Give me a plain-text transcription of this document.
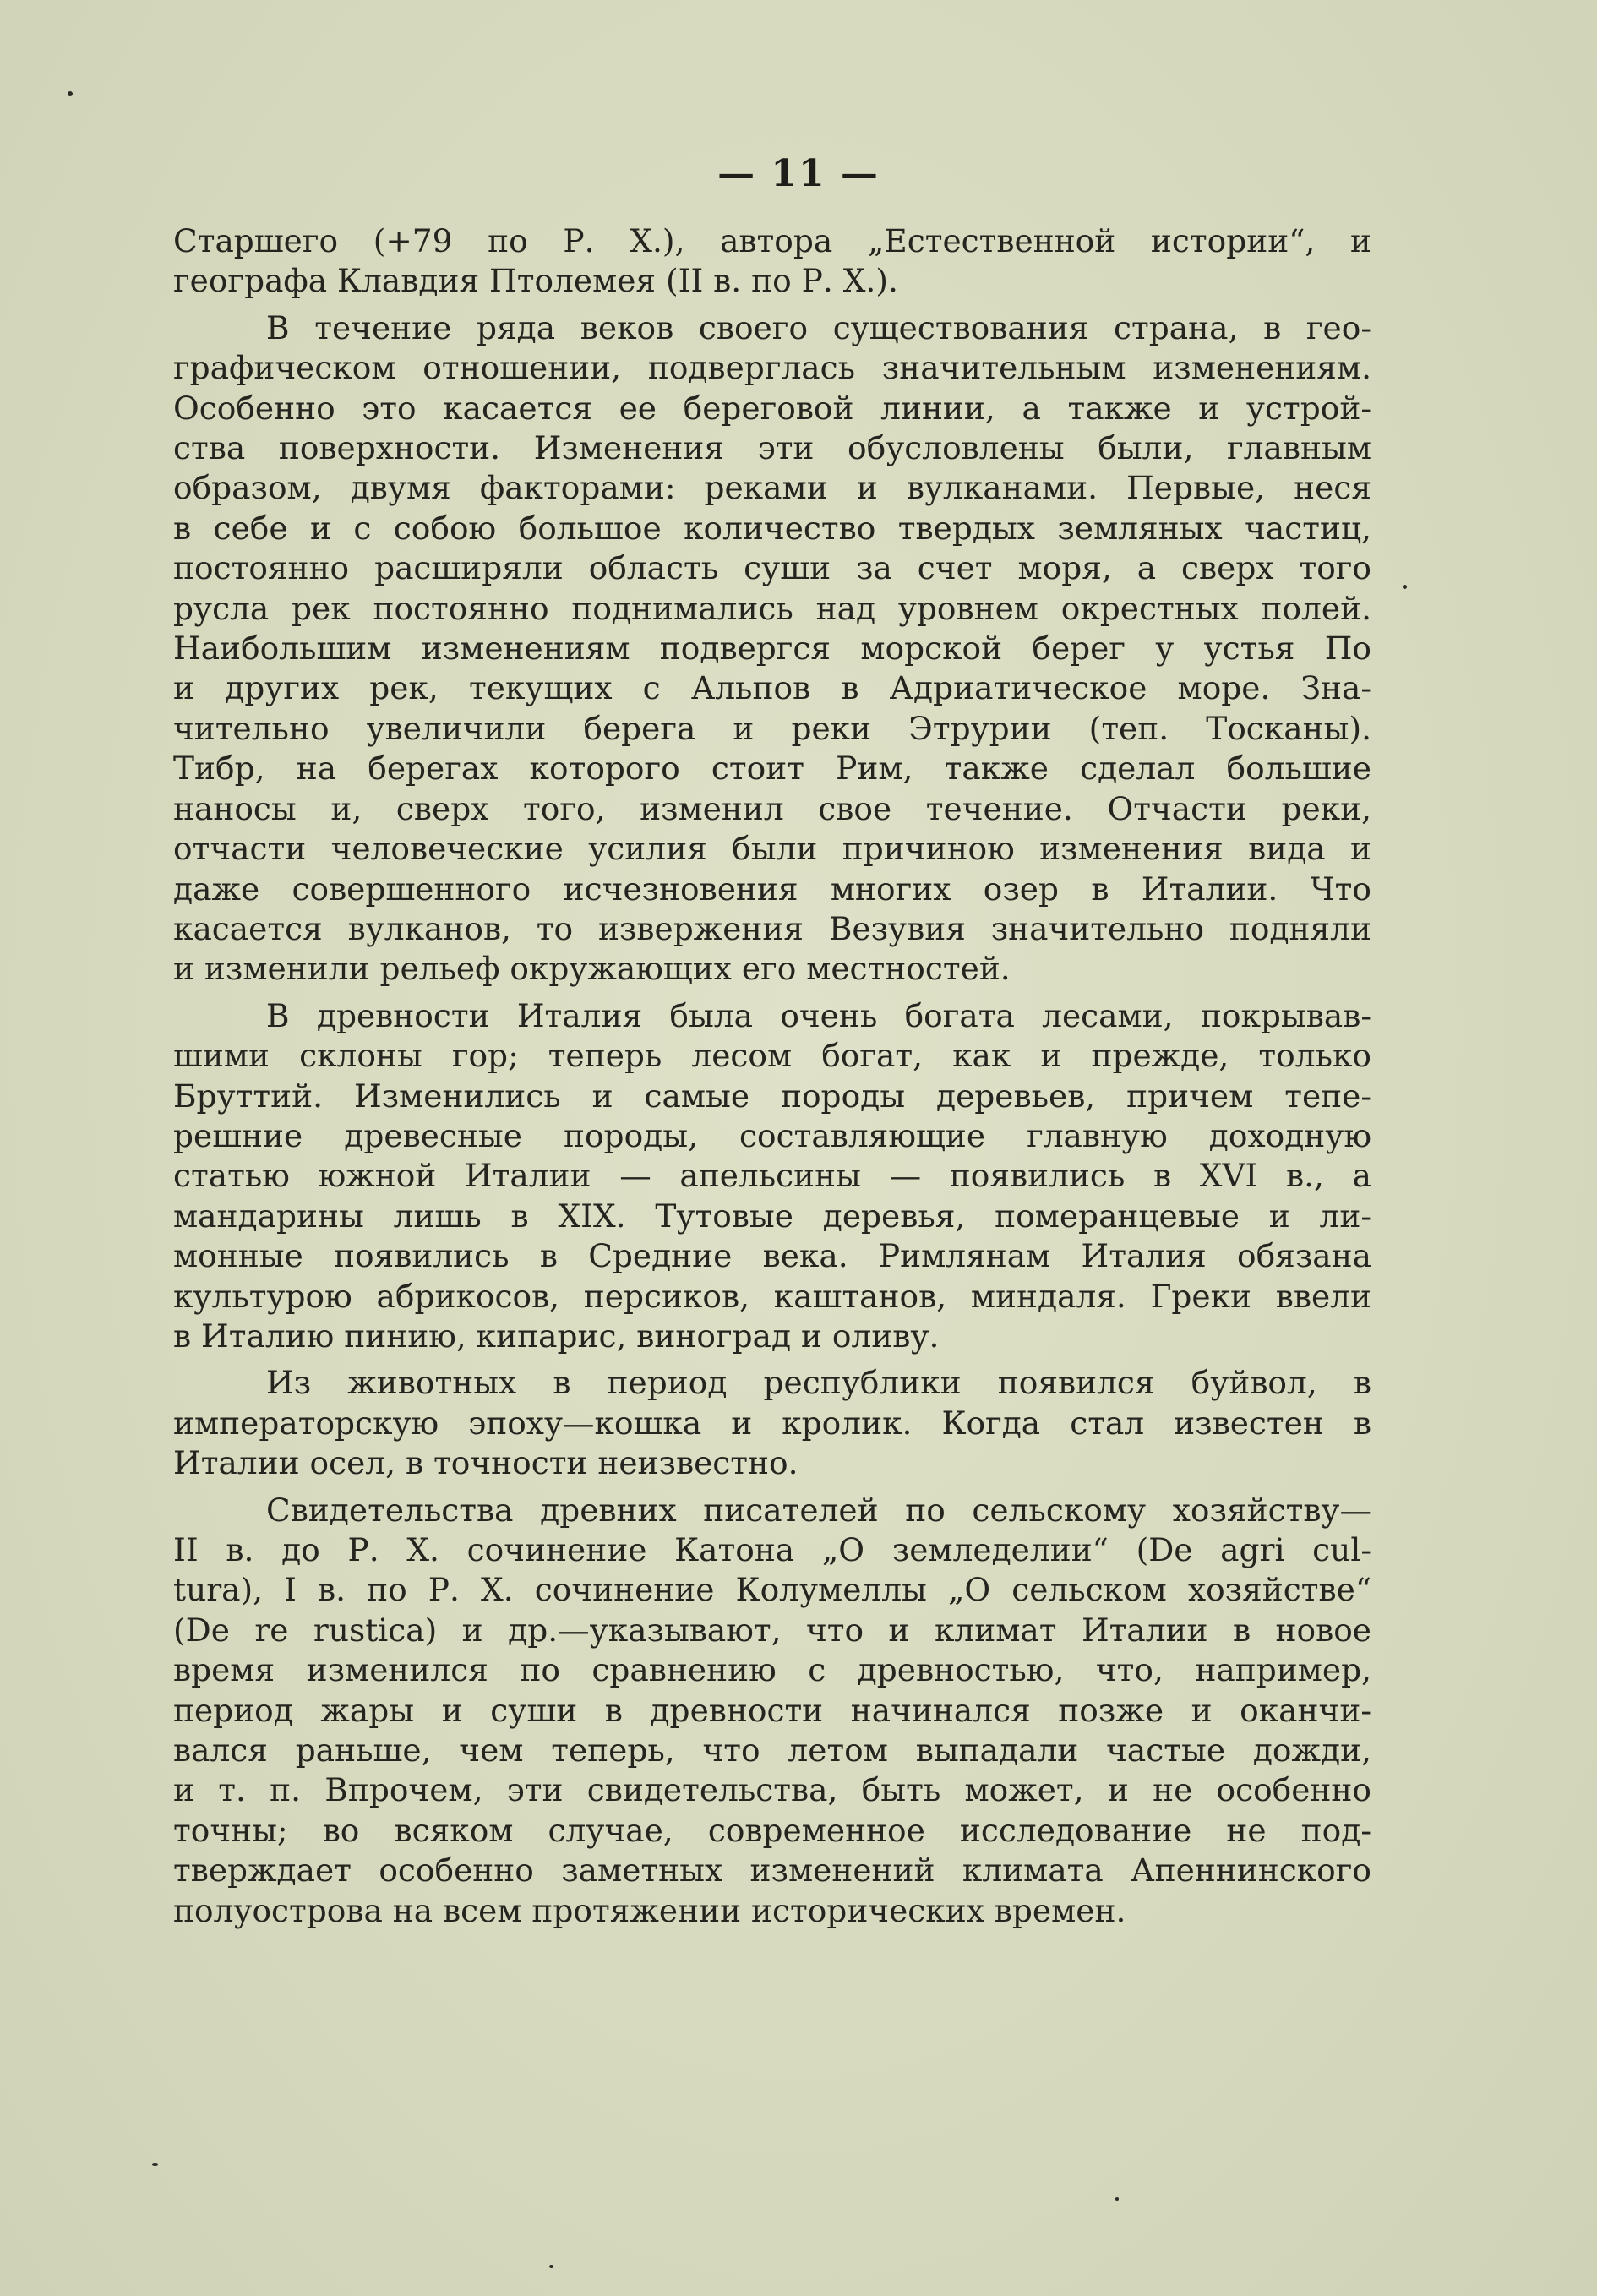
— 11 —
Старшего (+79 по Р. Х.), автора „Естественной истории“, и
географа Клавдия Птолемея (II в. по Р. Х.).
В течение ряда веков своего существования страна, в гео-
графическом отношении, подверглась значительным изменениям.
Особенно это касается ее береговой линии, а также и устрой-
ства поверхности. Изменения эти обусловлены были, главным
образом, двумя факторами: реками и вулканами. Первые, неся
в себе и с собою большое количество твердых земляных частиц,
постоянно расширяли область суши за счет моря, а сверх того
русла рек постоянно поднимались над уровнем окрестных полей.
Наибольшим изменениям подвергся морской берег у устья По
и других рек, текущих с Альпов в Адриатическое море. Зна-
чительно увеличили берега и реки Этрурии (теп. Тосканы).
Тибр, на берегах которого стоит Рим, также сделал большие
наносы и, сверх того, изменил свое течение. Отчасти реки,
отчасти человеческие усилия были причиною изменения вида и
даже совершенного исчезновения многих озер в Италии. Что
касается вулканов, то извержения Везувия значительно подняли
и изменили рельеф окружающих его местностей.
В древности Италия была очень богата лесами, покрывав-
шими склоны гор; теперь лесом богат, как и прежде, только
Бруттий. Изменились и самые породы деревьев, причем тепе-
решние древесные породы, составляющие главную доходную
статью южной Италии — апельсины — появились в XVI в., а
мандарины лишь в XIX. Тутовые деревья, померанцевые и ли-
монные появились в Средние века. Римлянам Италия обязана
культурою абрикосов, персиков, каштанов, миндаля. Греки ввели
в Италию пинию, кипарис, виноград и оливу.
Из животных в период республики появился буйвол, в
императорскую эпоху—кошка и кролик. Когда стал известен в
Италии осел, в точности неизвестно.
Свидетельства древних писателей по сельскому хозяйству—
II в. до Р. Х. сочинение Катона „О земледелии“ (De agri cul-
tura), I в. по Р. Х. сочинение Колумеллы „О сельском хозяйстве“
(De re rustica) и др.—указывают, что и климат Италии в новое
время изменился по сравнению с древностью, что, например,
период жары и суши в древности начинался позже и оканчи-
вался раньше, чем теперь, что летом выпадали частые дожди,
и т. п. Впрочем, эти свидетельства, быть может, и не особенно
точны; во всяком случае, современное исследование не под-
тверждает особенно заметных изменений климата Апеннинского
полуострова на всем протяжении исторических времен.
